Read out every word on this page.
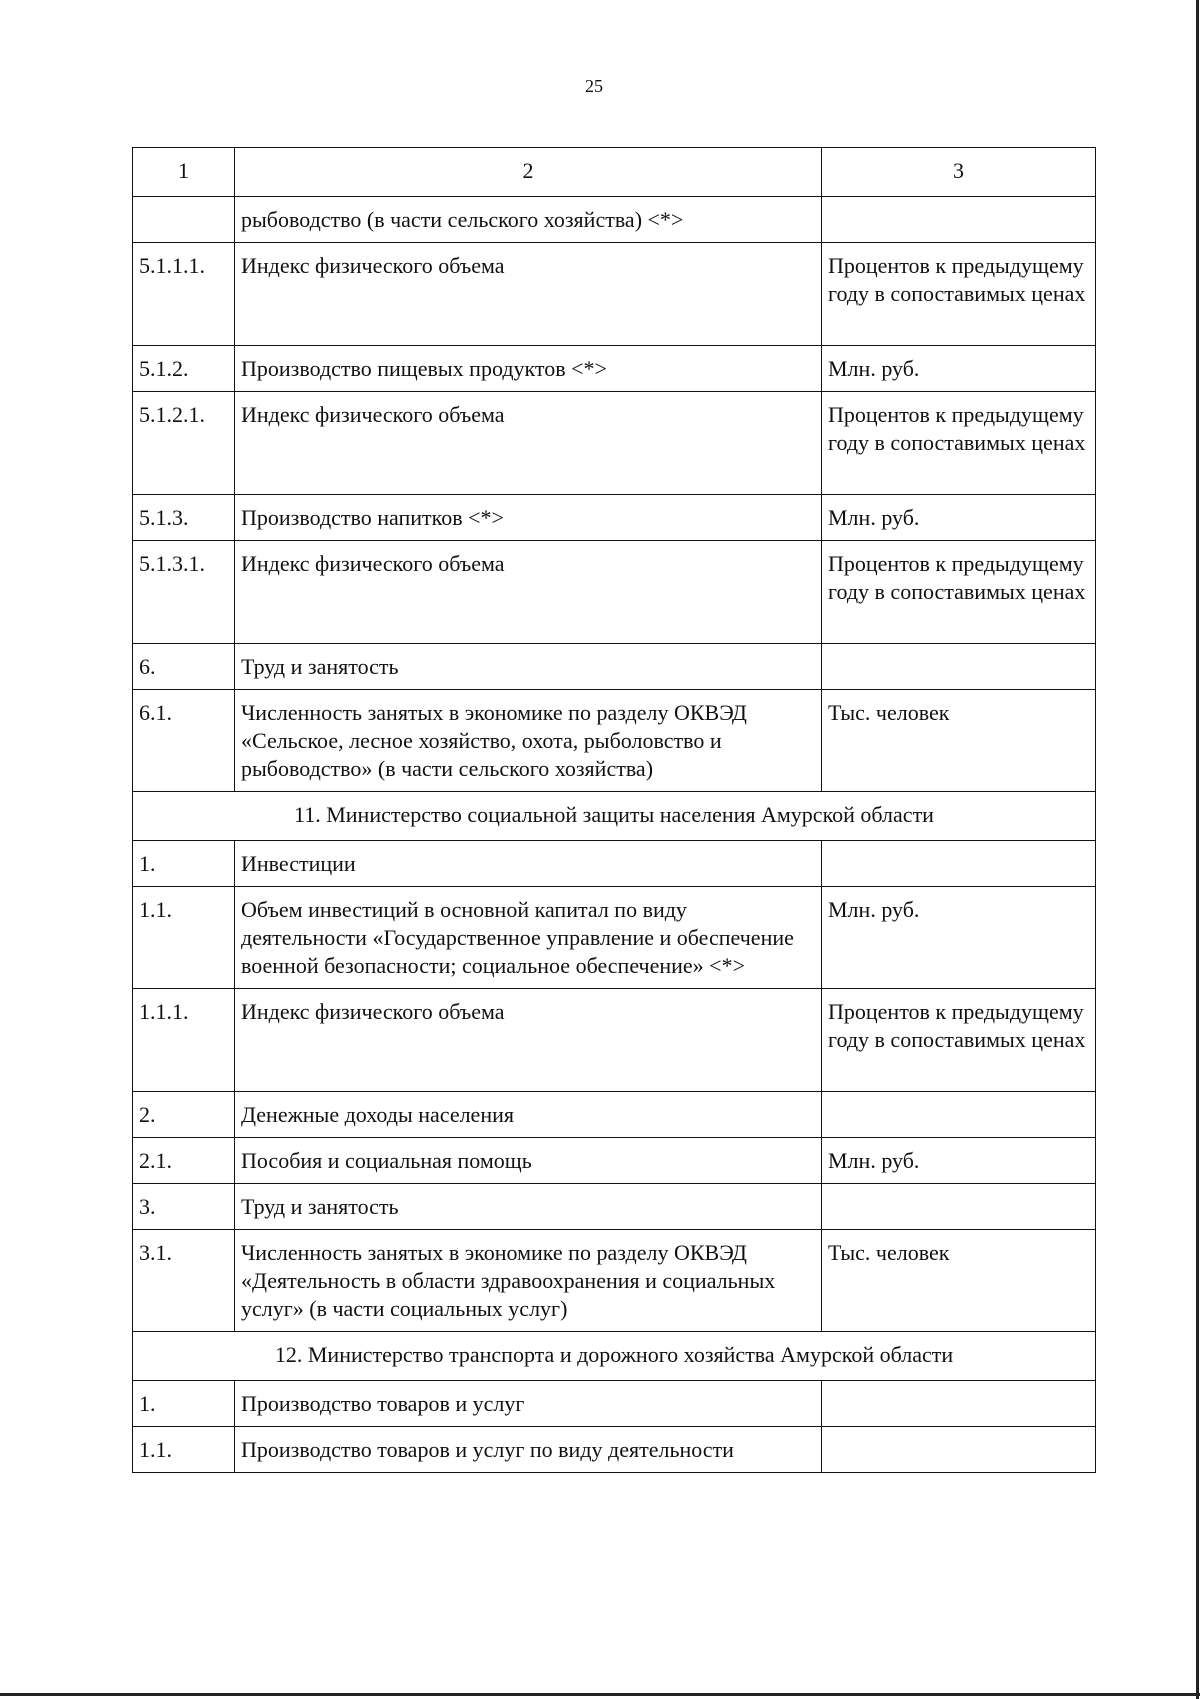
25
1	2	3
	рыбоводство (в части сельского хозяйства) <*>	
5.1.1.1.	Индекс физического объема	Процентов к предыдущему году в сопоставимых ценах
5.1.2.	Производство пищевых продуктов <*>	Млн. руб.
5.1.2.1.	Индекс физического объема	Процентов к предыдущему году в сопоставимых ценах
5.1.3.	Производство напитков <*>	Млн. руб.
5.1.3.1.	Индекс физического объема	Процентов к предыдущему году в сопоставимых ценах
6.	Труд и занятость	
6.1.	Численность занятых в экономике по разделу ОКВЭД «Сельское, лесное хозяйство, охота, рыболовство и рыбоводство» (в части сельского хозяйства)	Тыс. человек
11. Министерство социальной защиты населения Амурской области		
1.	Инвестиции	
1.1.	Объем инвестиций в основной капитал по виду деятельности «Государственное управление и обеспечение военной безопасности; социальное обеспечение» <*>	Млн. руб.
1.1.1.	Индекс физического объема	Процентов к предыдущему году в сопоставимых ценах
2.	Денежные доходы населения	
2.1.	Пособия и социальная помощь	Млн. руб.
3.	Труд и занятость	
3.1.	Численность занятых в экономике по разделу ОКВЭД «Деятельность в области здравоохранения и социальных услуг» (в части социальных услуг)	Тыс. человек
12. Министерство транспорта и дорожного хозяйства Амурской области		
1.	Производство товаров и услуг	
1.1.	Производство товаров и услуг по виду деятельности	
